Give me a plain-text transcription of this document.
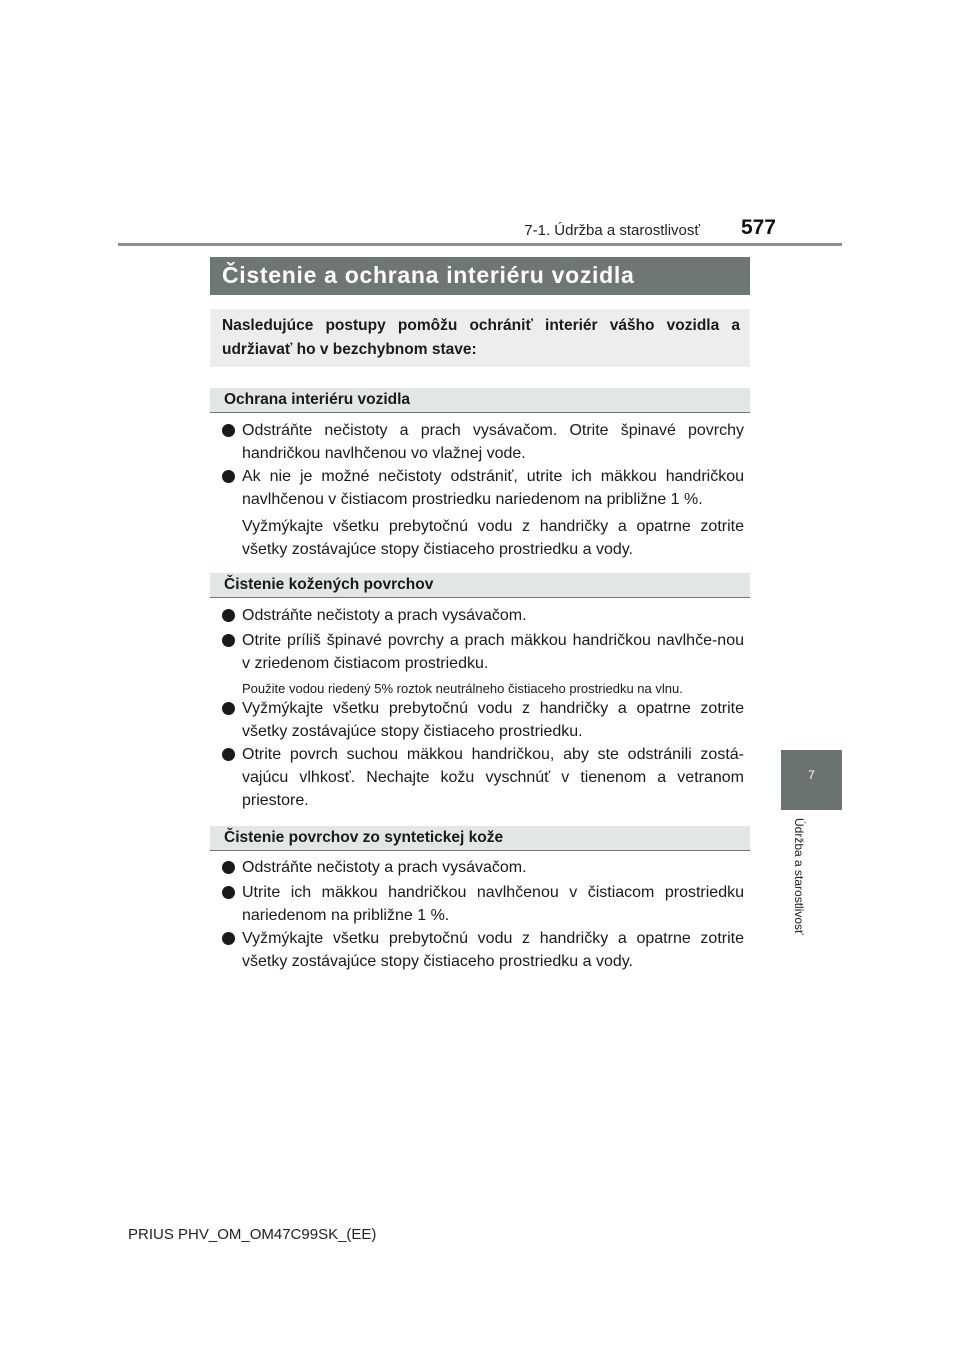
7-1. Údržba a starostlivosť	577
7
Údržba a starostlivosť
Čistenie a ochrana interiéru vozidla
Nasledujúce postupy pomôžu ochrániť interiér vášho vozidla a udržiavať ho v bezchybnom stave:
Ochrana interiéru vozidla
Odstráňte nečistoty a prach vysávačom. Otrite špinavé povrchy handričkou navlhčenou vo vlažnej vode.
Ak nie je možné nečistoty odstrániť, utrite ich mäkkou handričkou navlhčenou v čistiacom prostriedku nariedenom na približne 1 %.
Vyžmýkajte všetku prebytočnú vodu z handričky a opatrne zotrite všetky zostávajúce stopy čistiaceho prostriedku a vody.
Čistenie kožených povrchov
Odstráňte nečistoty a prach vysávačom.
Otrite príliš špinavé povrchy a prach mäkkou handričkou navlhče-nou v zriedenom čistiacom prostriedku.
Použite vodou riedený 5% roztok neutrálneho čistiaceho prostriedku na vlnu.
Vyžmýkajte všetku prebytočnú vodu z handričky a opatrne zotrite všetky zostávajúce stopy čistiaceho prostriedku.
Otrite povrch suchou mäkkou handričkou, aby ste odstránili zostá-vajúcu vlhkosť. Nechajte kožu vyschnúť v tienenom a vetranom priestore.
Čistenie povrchov zo syntetickej kože
Odstráňte nečistoty a prach vysávačom.
Utrite ich mäkkou handričkou navlhčenou v čistiacom prostriedku nariedenom na približne 1 %.
Vyžmýkajte všetku prebytočnú vodu z handričky a opatrne zotrite všetky zostávajúce stopy čistiaceho prostriedku a vody.
PRIUS PHV_OM_OM47C99SK_(EE)
